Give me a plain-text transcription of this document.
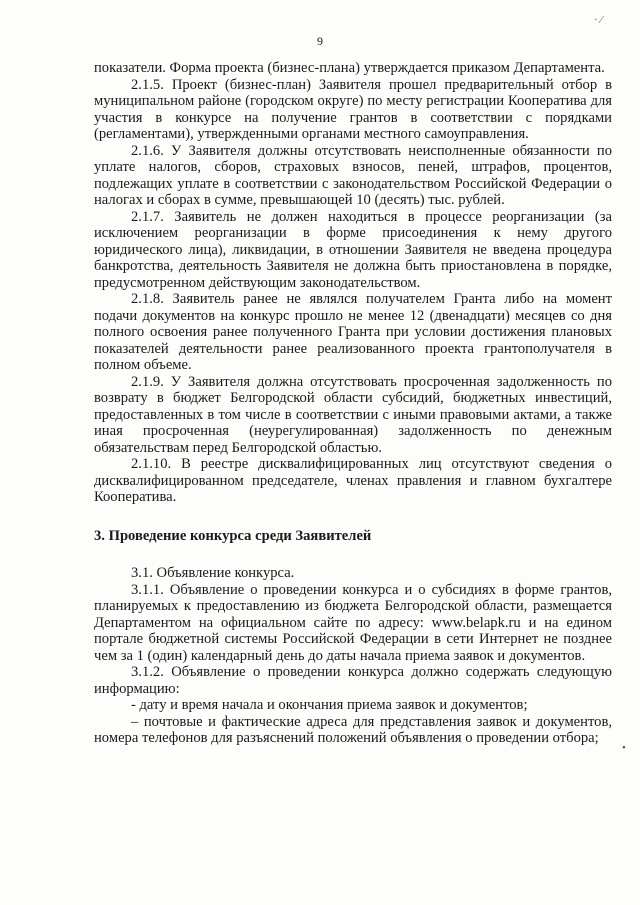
· ⁄
•
9

показатели. Форма проекта (бизнес-плана) утверждается приказом Департамента.

2.1.5. Проект (бизнес-план) Заявителя прошел предварительный отбор в муниципальном районе (городском округе) по месту регистрации Кооператива для участия в конкурсе на получение грантов в соответствии с порядками (регламентами), утвержденными органами местного самоуправления.

2.1.6. У Заявителя должны отсутствовать неисполненные обязанности по уплате налогов, сборов, страховых взносов, пеней, штрафов, процентов, подлежащих уплате в соответствии с законодательством Российской Федерации о налогах и сборах в сумме, превышающей 10 (десять) тыс. рублей.

2.1.7. Заявитель не должен находиться в процессе реорганизации (за исключением реорганизации в форме присоединения к нему другого юридического лица), ликвидации, в отношении Заявителя не введена процедура банкротства, деятельность Заявителя не должна быть приостановлена в порядке, предусмотренном действующим законодательством.

2.1.8. Заявитель ранее не являлся получателем Гранта либо на момент подачи документов на конкурс прошло не менее 12 (двенадцати) месяцев со дня полного освоения ранее полученного Гранта при условии достижения плановых показателей деятельности ранее реализованного проекта грантополучателя в полном объеме.

2.1.9. У Заявителя должна отсутствовать просроченная задолженность по возврату в бюджет Белгородской области субсидий, бюджетных инвестиций, предоставленных в том числе в соответствии с иными правовыми актами, а также иная просроченная (неурегулированная) задолженность по денежным обязательствам перед Белгородской областью.

2.1.10. В реестре дисквалифицированных лиц отсутствуют сведения о дисквалифицированном председателе, членах правления и главном бухгалтере Кооператива.

3. Проведение конкурса среди Заявителей

3.1. Объявление конкурса.

3.1.1. Объявление о проведении конкурса и о субсидиях в форме грантов, планируемых к предоставлению из бюджета Белгородской области, размещается Департаментом на официальном сайте по адресу: www.belapk.ru и на едином портале бюджетной системы Российской Федерации в сети Интернет не позднее чем за 1 (один) календарный день до даты начала приема заявок и документов.

3.1.2. Объявление о проведении конкурса должно содержать следующую информацию:

- дату и время начала и окончания приема заявок и документов;

– почтовые и фактические адреса для представления заявок и документов, номера телефонов для разъяснений положений объявления о проведении отбора;
